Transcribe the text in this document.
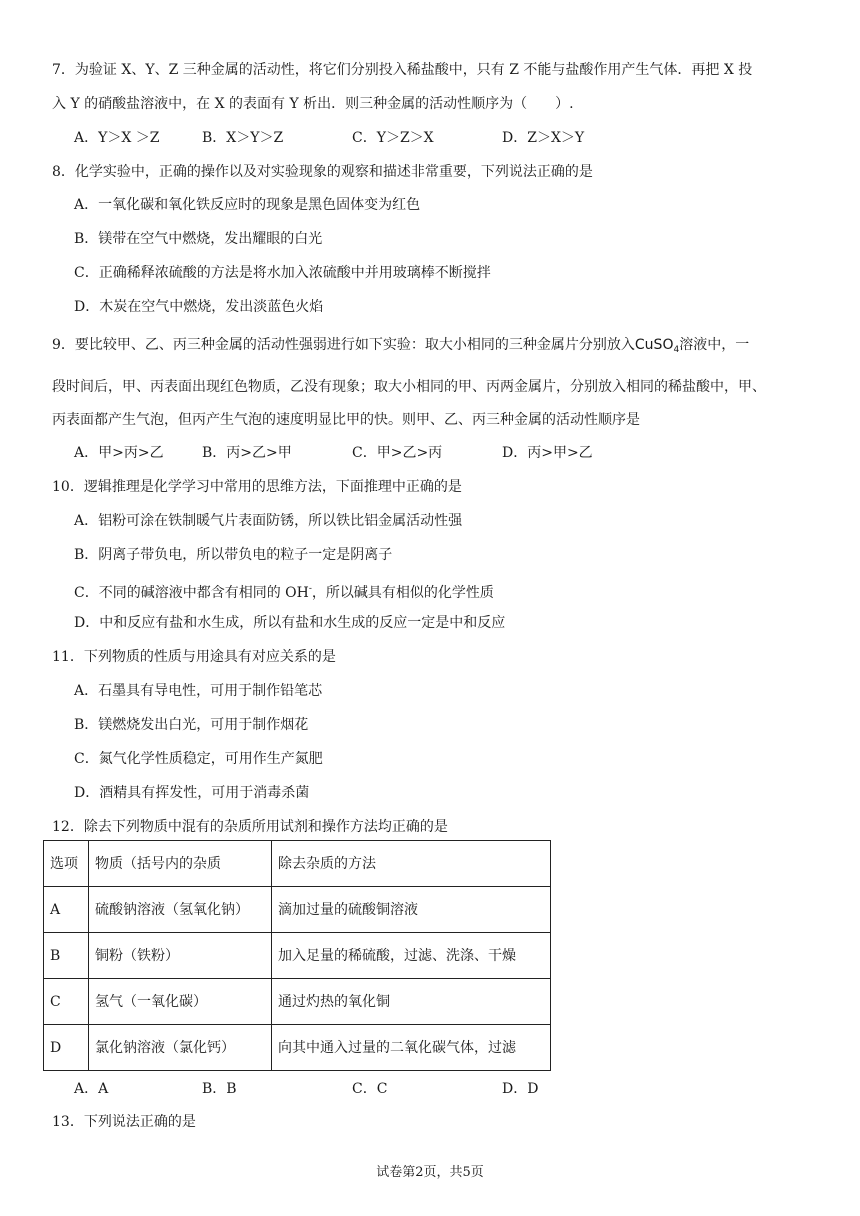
7．为验证 X、Y、Z 三种金属的活动性，将它们分别投入稀盐酸中，只有 Z 不能与盐酸作用产生气体．再把 X 投
入 Y 的硝酸盐溶液中，在 X 的表面有 Y 析出．则三种金属的活动性顺序为（　　）.
A．Y＞X ＞Z	B．X＞Y＞Z	C．Y＞Z＞X	D．Z＞X＞Y
8．化学实验中，正确的操作以及对实验现象的观察和描述非常重要，下列说法正确的是
A．一氧化碳和氧化铁反应时的现象是黑色固体变为红色
B．镁带在空气中燃烧，发出耀眼的白光
C．正确稀释浓硫酸的方法是将水加入浓硫酸中并用玻璃棒不断搅拌
D．木炭在空气中燃烧，发出淡蓝色火焰
9．要比较甲、乙、丙三种金属的活动性强弱进行如下实验：取大小相同的三种金属片分别放入CuSO$_4$溶液中，一
段时间后，甲、丙表面出现红色物质，乙没有现象；取大小相同的甲、丙两金属片，分别放入相同的稀盐酸中，甲、
丙表面都产生气泡，但丙产生气泡的速度明显比甲的快。则甲、乙、丙三种金属的活动性顺序是
A．甲>丙>乙	B．丙>乙>甲	C．甲>乙>丙	D．丙>甲>乙
10．逻辑推理是化学学习中常用的思维方法，下面推理中正确的是
A．铝粉可涂在铁制暖气片表面防锈，所以铁比铝金属活动性强
B．阴离子带负电，所以带负电的粒子一定是阴离子
C．不同的碱溶液中都含有相同的 OH-，所以碱具有相似的化学性质
D．中和反应有盐和水生成，所以有盐和水生成的反应一定是中和反应
11．下列物质的性质与用途具有对应关系的是
A．石墨具有导电性，可用于制作铅笔芯
B．镁燃烧发出白光，可用于制作烟花
C．氮气化学性质稳定，可用作生产氮肥
D．酒精具有挥发性，可用于消毒杀菌
12．除去下列物质中混有的杂质所用试剂和操作方法均正确的是
选项	物质（括号内的杂质	除去杂质的方法
A	硫酸钠溶液（氢氧化钠）	滴加过量的硫酸铜溶液
B	铜粉（铁粉）	加入足量的稀硫酸，过滤、洗涤、干燥
C	氢气（一氧化碳）	通过灼热的氧化铜
D	氯化钠溶液（氯化钙）	向其中通入过量的二氧化碳气体，过滤
A．A	B．B	C．C	D．D
13．下列说法正确的是
试卷第2页，共5页
